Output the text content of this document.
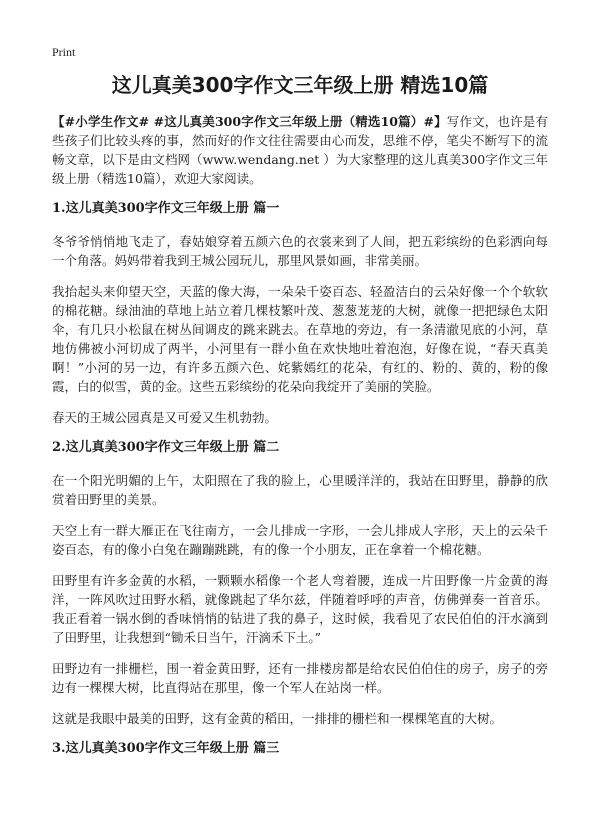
Print
这儿真美300字作文三年级上册 精选10篇

【#小学生作文# #这儿真美300字作文三年级上册（精选10篇）#】写作文，也许是有些孩子们比较头疼的事，然而好的作文往往需要由心而发，思维不停，笔尖不断写下的流畅文章，以下是由文档网（www.wendang.net ）为大家整理的这儿真美300字作文三年级上册（精选10篇），欢迎大家阅读。

1.这儿真美300字作文三年级上册 篇一

冬爷爷悄悄地飞走了，春姑娘穿着五颜六色的衣裳来到了人间，把五彩缤纷的色彩洒向每一个角落。妈妈带着我到王城公园玩儿，那里风景如画，非常美丽。

我抬起头来仰望天空，天蓝的像大海，一朵朵千姿百态、轻盈洁白的云朵好像一个个软软的棉花糖。绿油油的草地上站立着几棵枝繁叶茂、葱葱茏茏的大树，就像一把把绿色太阳伞，有几只小松鼠在树丛间调皮的跳来跳去。在草地的旁边，有一条清澈见底的小河，草地仿佛被小河切成了两半，小河里有一群小鱼在欢快地吐着泡泡，好像在说，“春天真美啊！”小河的另一边，有许多五颜六色、姹紫嫣红的花朵，有红的、粉的、黄的，粉的像霞，白的似雪，黄的金。这些五彩缤纷的花朵向我绽开了美丽的笑脸。

春天的王城公园真是又可爱又生机勃勃。

2.这儿真美300字作文三年级上册 篇二

在一个阳光明媚的上午，太阳照在了我的脸上，心里暖洋洋的，我站在田野里，静静的欣赏着田野里的美景。

天空上有一群大雁正在飞往南方，一会儿排成一字形，一会儿排成人字形，天上的云朵千姿百态，有的像小白兔在蹦蹦跳跳，有的像一个小朋友，正在拿着一个棉花糖。

田野里有许多金黄的水稻，一颗颗水稻像一个老人弯着腰，连成一片田野像一片金黄的海洋，一阵风吹过田野水稻，就像跳起了华尔兹，伴随着呼呼的声音，仿佛弹奏一首音乐。我正看着一锅水倒的香味悄悄的钻进了我的鼻子，这时候，我看见了农民伯伯的汗水滴到了田野里，让我想到“锄禾日当午，汗滴禾下土。”

田野边有一排栅栏，围一着金黄田野，还有一排楼房都是给农民伯伯住的房子，房子的旁边有一棵棵大树，比直得站在那里，像一个军人在站岗一样。

这就是我眼中最美的田野，这有金黄的稻田，一排排的栅栏和一棵棵笔直的大树。

3.这儿真美300字作文三年级上册 篇三
